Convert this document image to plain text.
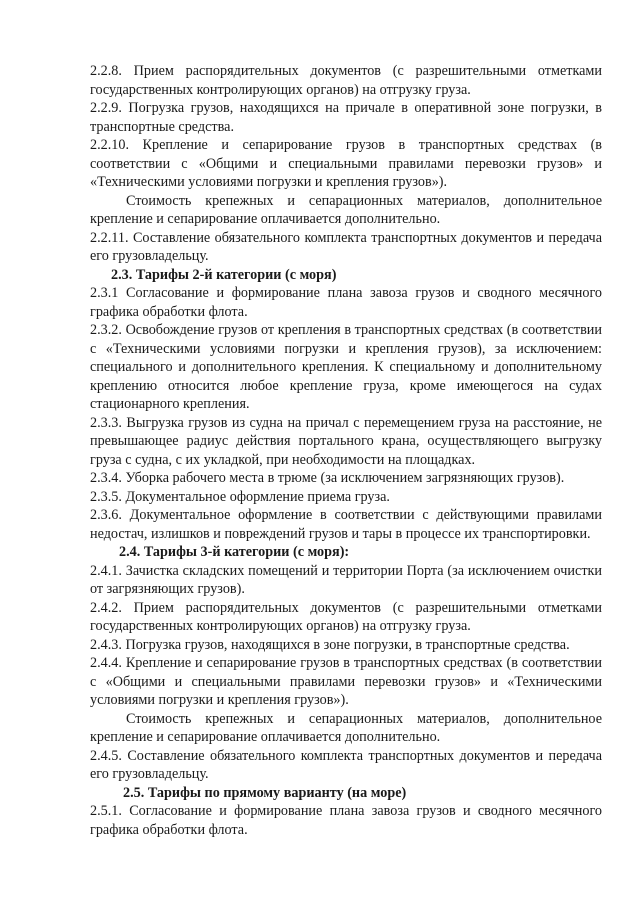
2.2.8. Прием распорядительных документов (с разрешительными отметками государственных контролирующих органов) на отгрузку груза.

2.2.9. Погрузка грузов, находящихся на причале в оперативной зоне погрузки, в транспортные средства.

2.2.10. Крепление и сепарирование грузов в транспортных средствах (в соответствии с «Общими и специальными правилами перевозки грузов» и «Техническими условиями погрузки и крепления грузов»).

Стоимость крепежных и сепарационных материалов, дополнительное крепление и сепарирование оплачивается дополнительно.

2.2.11. Составление обязательного комплекта транспортных документов и передача его грузовладельцу.

2.3. Тарифы 2-й категории (с моря)

2.3.1 Согласование и формирование плана завоза грузов и сводного месячного графика обработки флота.

2.3.2. Освобождение грузов от крепления в транспортных средствах (в соответствии с «Техническими условиями погрузки и крепления грузов), за исключением: специального и дополнительного крепления. К специальному и дополнительному креплению относится любое крепление груза, кроме имеющегося на судах стационарного крепления.

2.3.3. Выгрузка грузов из судна на причал с перемещением груза на расстояние, не превышающее радиус действия портального крана, осуществляющего выгрузку груза с судна, с их укладкой, при необходимости на площадках.

2.3.4. Уборка рабочего места в трюме (за исключением загрязняющих грузов).

2.3.5. Документальное оформление приема груза.

2.3.6. Документальное оформление в соответствии с действующими правилами недостач, излишков и повреждений грузов и тары в процессе их транспортировки.

2.4. Тарифы 3-й категории (с моря):

2.4.1. Зачистка складских помещений и территории Порта (за исключением очистки от загрязняющих грузов).

2.4.2. Прием распорядительных документов (с разрешительными отметками государственных контролирующих органов) на отгрузку груза.

2.4.3. Погрузка грузов, находящихся в зоне погрузки, в транспортные средства.

2.4.4. Крепление и сепарирование грузов в транспортных средствах (в соответствии с «Общими и специальными правилами перевозки грузов» и «Техническими условиями погрузки и крепления грузов»).

Стоимость крепежных и сепарационных материалов, дополнительное крепление и сепарирование оплачивается дополнительно.

2.4.5. Составление обязательного комплекта транспортных документов и передача его грузовладельцу.

2.5. Тарифы по прямому варианту (на море)

2.5.1. Согласование и формирование плана завоза грузов и сводного месячного графика обработки флота.
